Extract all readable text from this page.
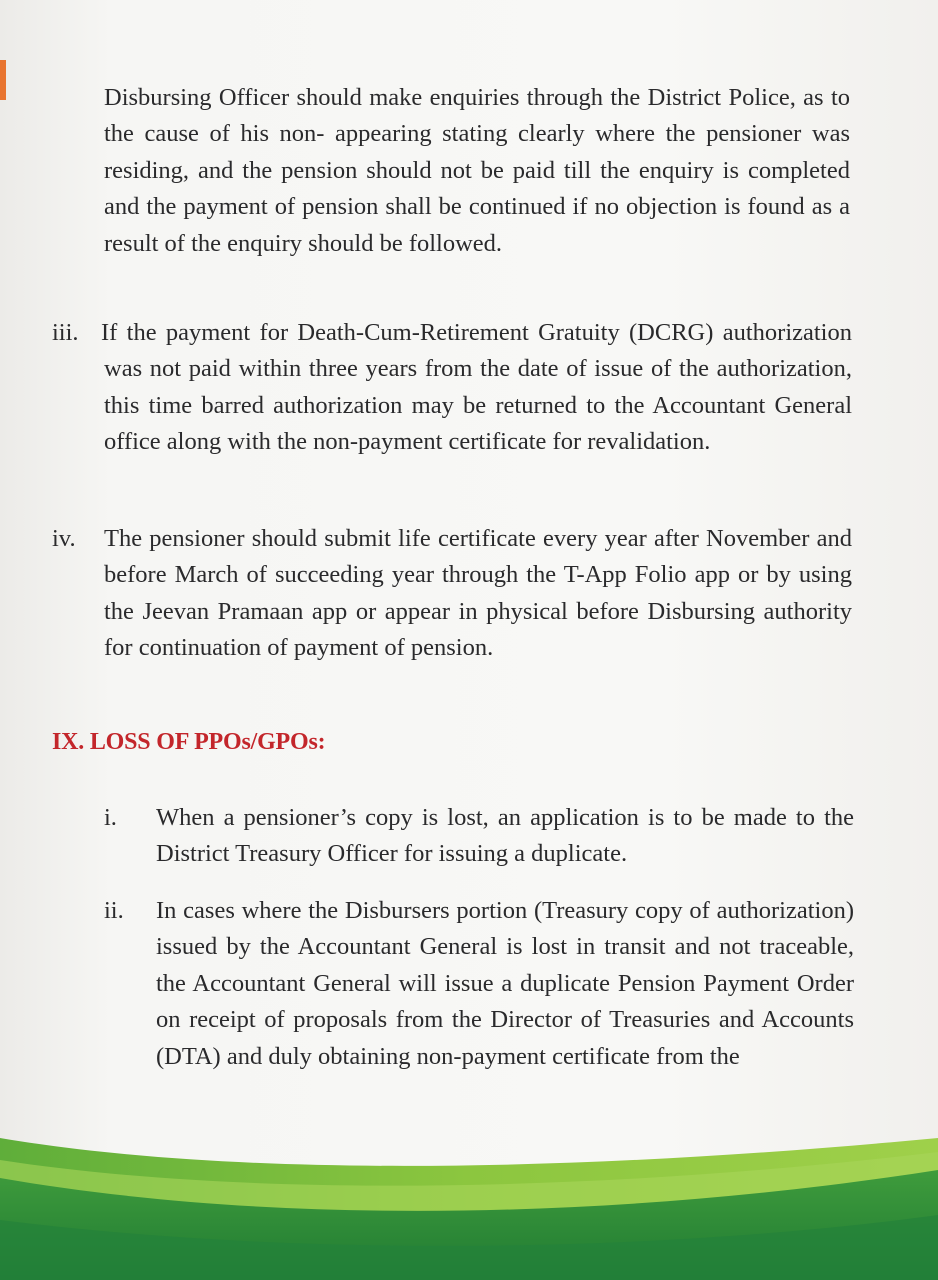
Disbursing Officer should make enquiries through the District Police, as to the cause of his non- appearing stating clearly where the pensioner was residing, and the pension should not be paid till the enquiry is completed and the payment of pension shall be continued if no objection is found as a result of the enquiry should be followed.

iii. If the payment for Death-Cum-Retirement Gratuity (DCRG) authorization was not paid within three years from the date of issue of the authorization, this time barred authorization may be returned to the Accountant General office along with the non-payment certificate for revalidation.

iv. The pensioner should submit life certificate every year after November and before March of succeeding year through the T-App Folio app or by using the Jeevan Pramaan app or appear in physical before Disbursing authority for continuation of payment of pension.

IX. LOSS OF PPOs/GPOs:
i. When a pensioner’s copy is lost, an application is to be made to the District Treasury Officer for issuing a duplicate.

ii. In cases where the Disbursers portion (Treasury copy of authorization) issued by the Accountant General is lost in transit and not traceable, the Accountant General will issue a duplicate Pension Payment Order on receipt of proposals from the Director of Treasuries and Accounts (DTA) and duly obtaining non-payment certificate from the
